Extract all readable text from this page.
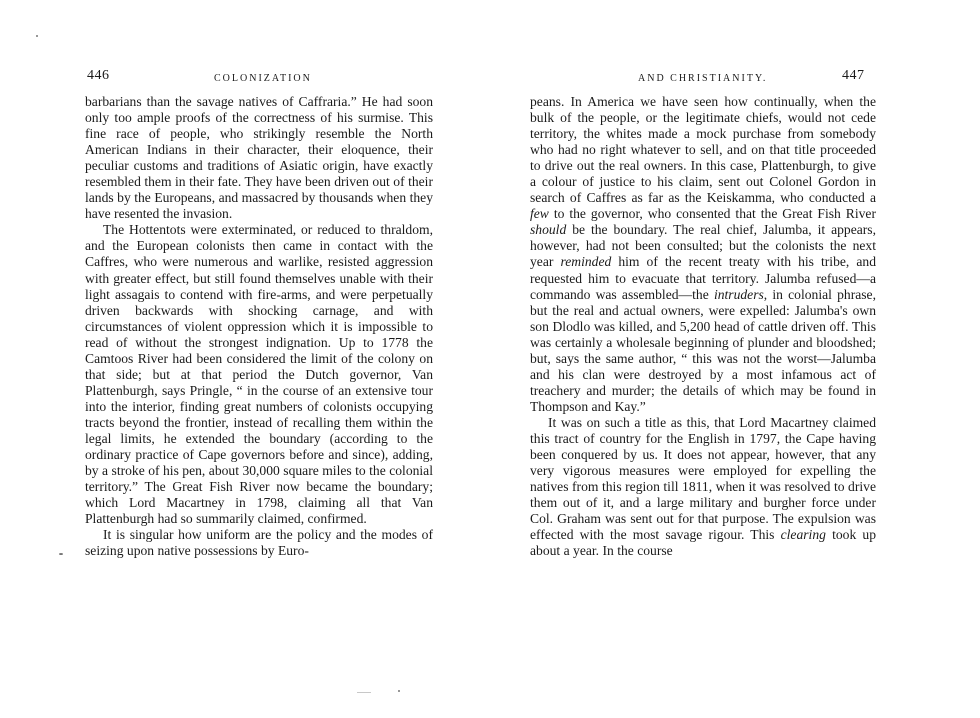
446	COLONIZATION

barbarians than the savage natives of Caffraria.” He had soon only too ample proofs of the correctness of his surmise. This fine race of people, who strikingly resemble the North American Indians in their character, their eloquence, their peculiar customs and traditions of Asiatic origin, have exactly resembled them in their fate. They have been driven out of their lands by the Europeans, and massacred by thousands when they have resented the invasion.

The Hottentots were exterminated, or reduced to thraldom, and the European colonists then came in contact with the Caffres, who were numerous and warlike, resisted aggression with greater effect, but still found themselves unable with their light assagais to contend with fire-arms, and were perpetually driven backwards with shocking carnage, and with circumstances of violent oppression which it is impossible to read of without the strongest indignation. Up to 1778 the Camtoos River had been considered the limit of the colony on that side; but at that period the Dutch governor, Van Plattenburgh, says Pringle, “ in the course of an extensive tour into the interior, finding great numbers of colonists occupying tracts beyond the frontier, instead of recalling them within the legal limits, he extended the boundary (according to the ordinary practice of Cape governors before and since), adding, by a stroke of his pen, about 30,000 square miles to the colonial territory.” The Great Fish River now became the boundary; which Lord Macartney in 1798, claiming all that Van Plattenburgh had so summarily claimed, confirmed.

It is singular how uniform are the policy and the modes of seizing upon native possessions by Euro-

AND CHRISTIANITY.	447

peans. In America we have seen how continually, when the bulk of the people, or the legitimate chiefs, would not cede territory, the whites made a mock purchase from somebody who had no right whatever to sell, and on that title proceeded to drive out the real owners. In this case, Plattenburgh, to give a colour of justice to his claim, sent out Colonel Gordon in search of Caffres as far as the Keiskamma, who conducted a few to the governor, who consented that the Great Fish River should be the boundary. The real chief, Jalumba, it appears, however, had not been consulted; but the colonists the next year reminded him of the recent treaty with his tribe, and requested him to evacuate that territory. Jalumba refused—a commando was assembled—the intruders, in colonial phrase, but the real and actual owners, were expelled: Jalumba's own son Dlodlo was killed, and 5,200 head of cattle driven off. This was certainly a wholesale beginning of plunder and bloodshed; but, says the same author, “ this was not the worst—Jalumba and his clan were destroyed by a most infamous act of treachery and murder; the details of which may be found in Thompson and Kay.”

It was on such a title as this, that Lord Macartney claimed this tract of country for the English in 1797, the Cape having been conquered by us. It does not appear, however, that any very vigorous measures were employed for expelling the natives from this region till 1811, when it was resolved to drive them out of it, and a large military and burgher force under Col. Graham was sent out for that purpose. The expulsion was effected with the most savage rigour. This clearing took up about a year. In the course
